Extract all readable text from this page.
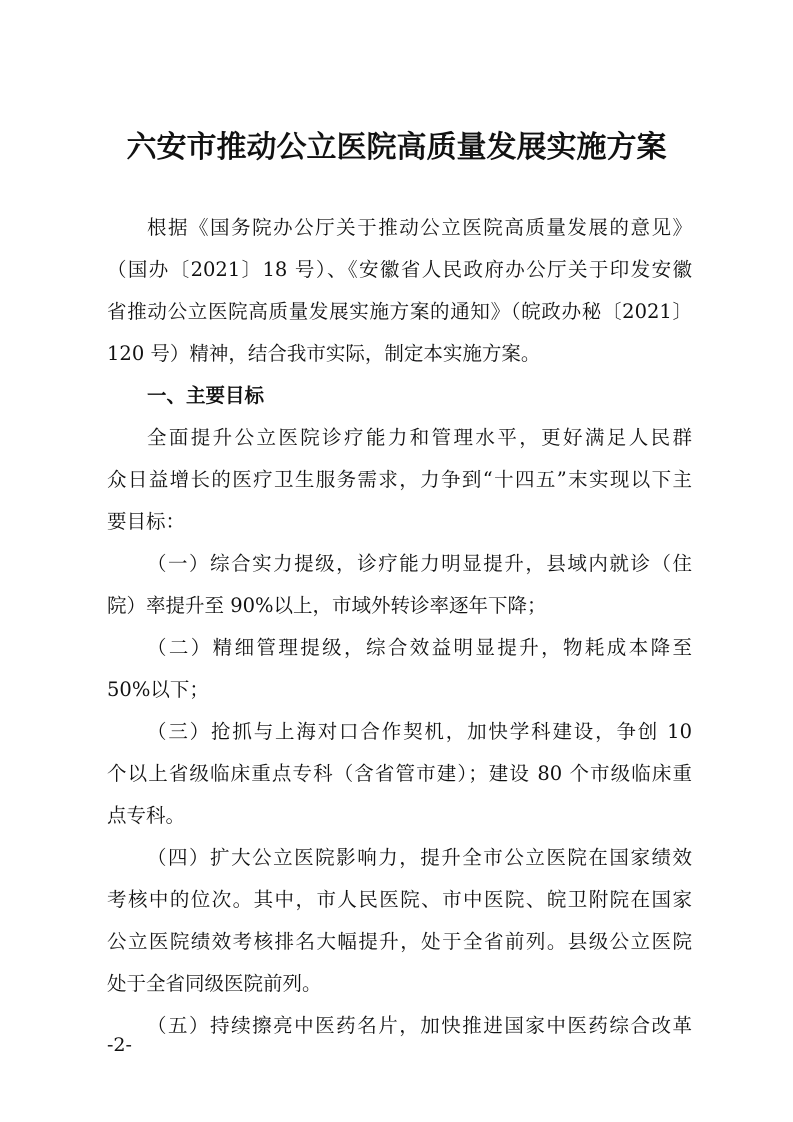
六安市推动公立医院高质量发展实施方案
根据《国务院办公厅关于推动公立医院高质量发展的意见》
（国办〔2021〕18 号）、《安徽省人民政府办公厅关于印发安徽
省推动公立医院高质量发展实施方案的通知》（皖政办秘〔2021〕
120 号）精神，结合我市实际，制定本实施方案。
一、主要目标
全面提升公立医院诊疗能力和管理水平，更好满足人民群
众日益增长的医疗卫生服务需求，力争到“十四五”末实现以下主
要目标：
（一）综合实力提级，诊疗能力明显提升，县域内就诊（住
院）率提升至 90%以上，市域外转诊率逐年下降；
（二）精细管理提级，综合效益明显提升，物耗成本降至
50%以下；
（三）抢抓与上海对口合作契机，加快学科建设，争创 10
个以上省级临床重点专科（含省管市建）；建设 80 个市级临床重
点专科。
（四）扩大公立医院影响力，提升全市公立医院在国家绩效
考核中的位次。其中，市人民医院、市中医院、皖卫附院在国家
公立医院绩效考核排名大幅提升，处于全省前列。县级公立医院
处于全省同级医院前列。
（五）持续擦亮中医药名片，加快推进国家中医药综合改革
-2-
